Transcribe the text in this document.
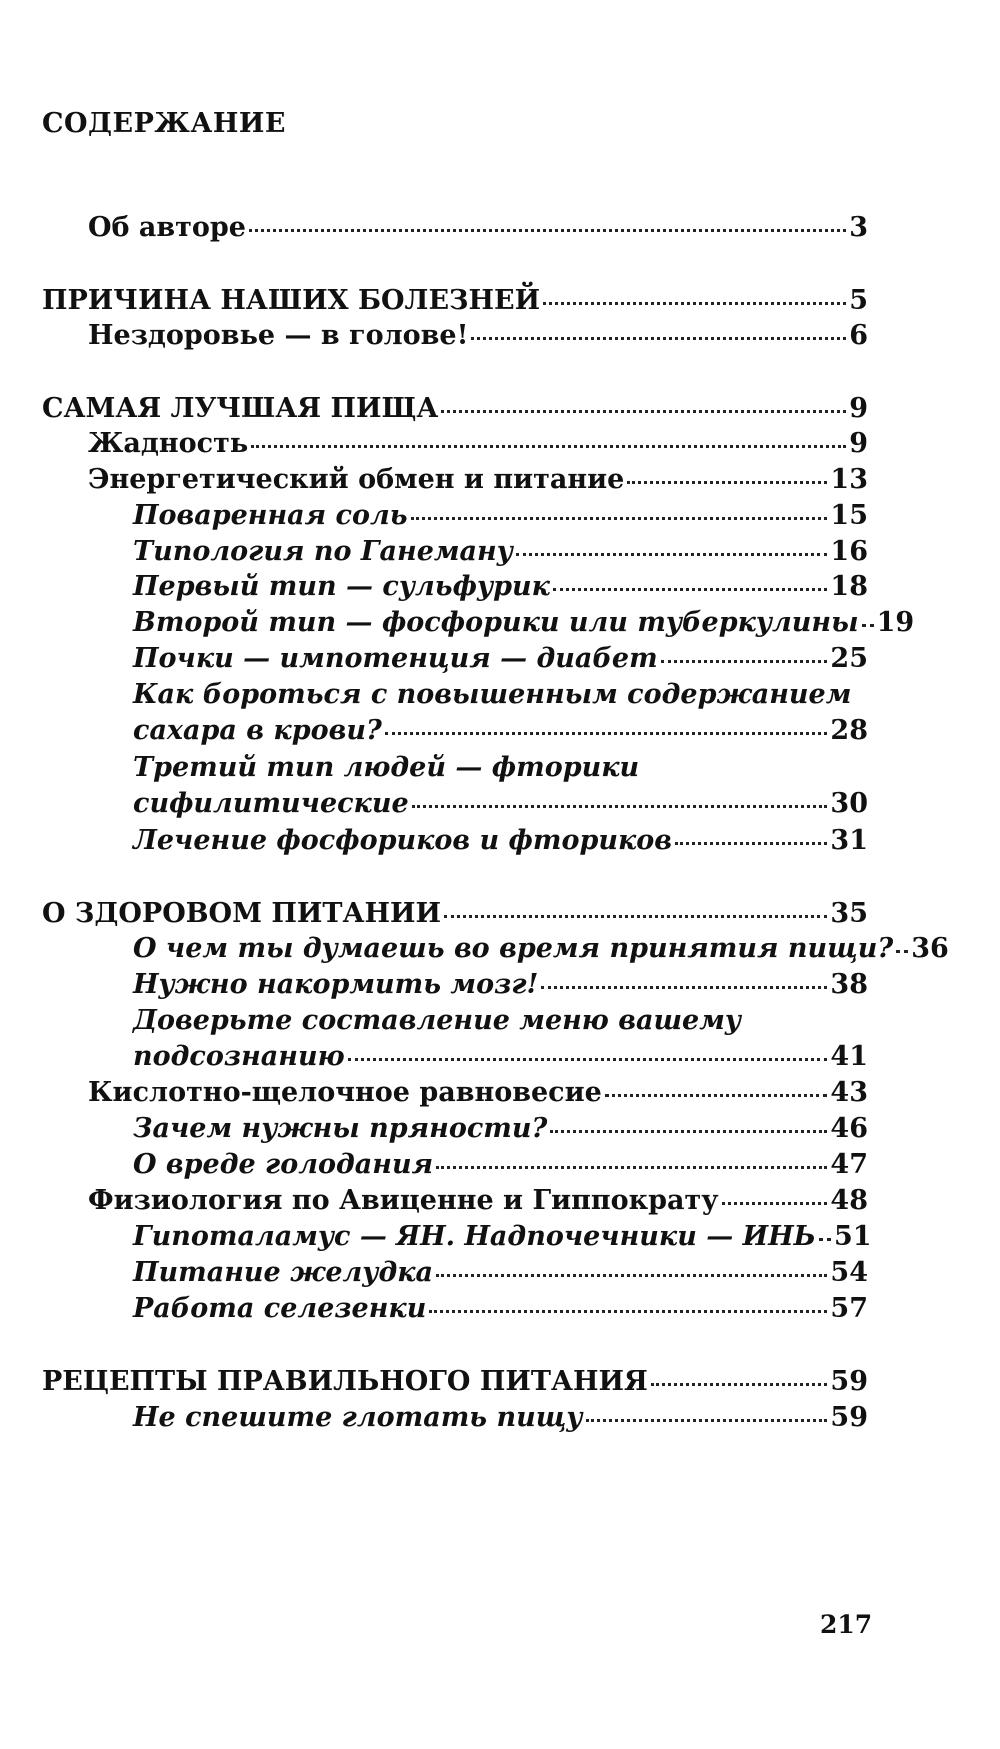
СОДЕРЖАНИЕ
Об авторе	3
ПРИЧИНА НАШИХ БОЛЕЗНЕЙ	5
Нездоровье — в голове!	6
САМАЯ ЛУЧШАЯ ПИЩА	9
Жадность	9
Энергетический обмен и питание	13
Поваренная соль	15
Типология по Ганеману	16
Первый тип — сульфурик	18
Второй тип — фосфорики или туберкулины 19
Почки — импотенция — диабет	25
Как бороться с повышенным содержанием
сахара в крови?	28
Третий тип людей — фторики
сифилитические	30
Лечение фосфориков и фториков	31
О ЗДОРОВОМ ПИТАНИИ	35
О чем ты думаешь во время принятия пищи? 36
Нужно накормить мозг!	38
Доверьте составление меню вашему
подсознанию	41
Кислотно-щелочное равновесие	43
Зачем нужны пряности?	46
О вреде голодания	47
Физиология по Авиценне и Гиппократу	48
Гипоталамус — ЯН. Надпочечники — ИНЬ 51
Питание желудка	54
Работа селезенки	57
РЕЦЕПТЫ ПРАВИЛЬНОГО ПИТАНИЯ	59
Не спешите глотать пищу	59
217
